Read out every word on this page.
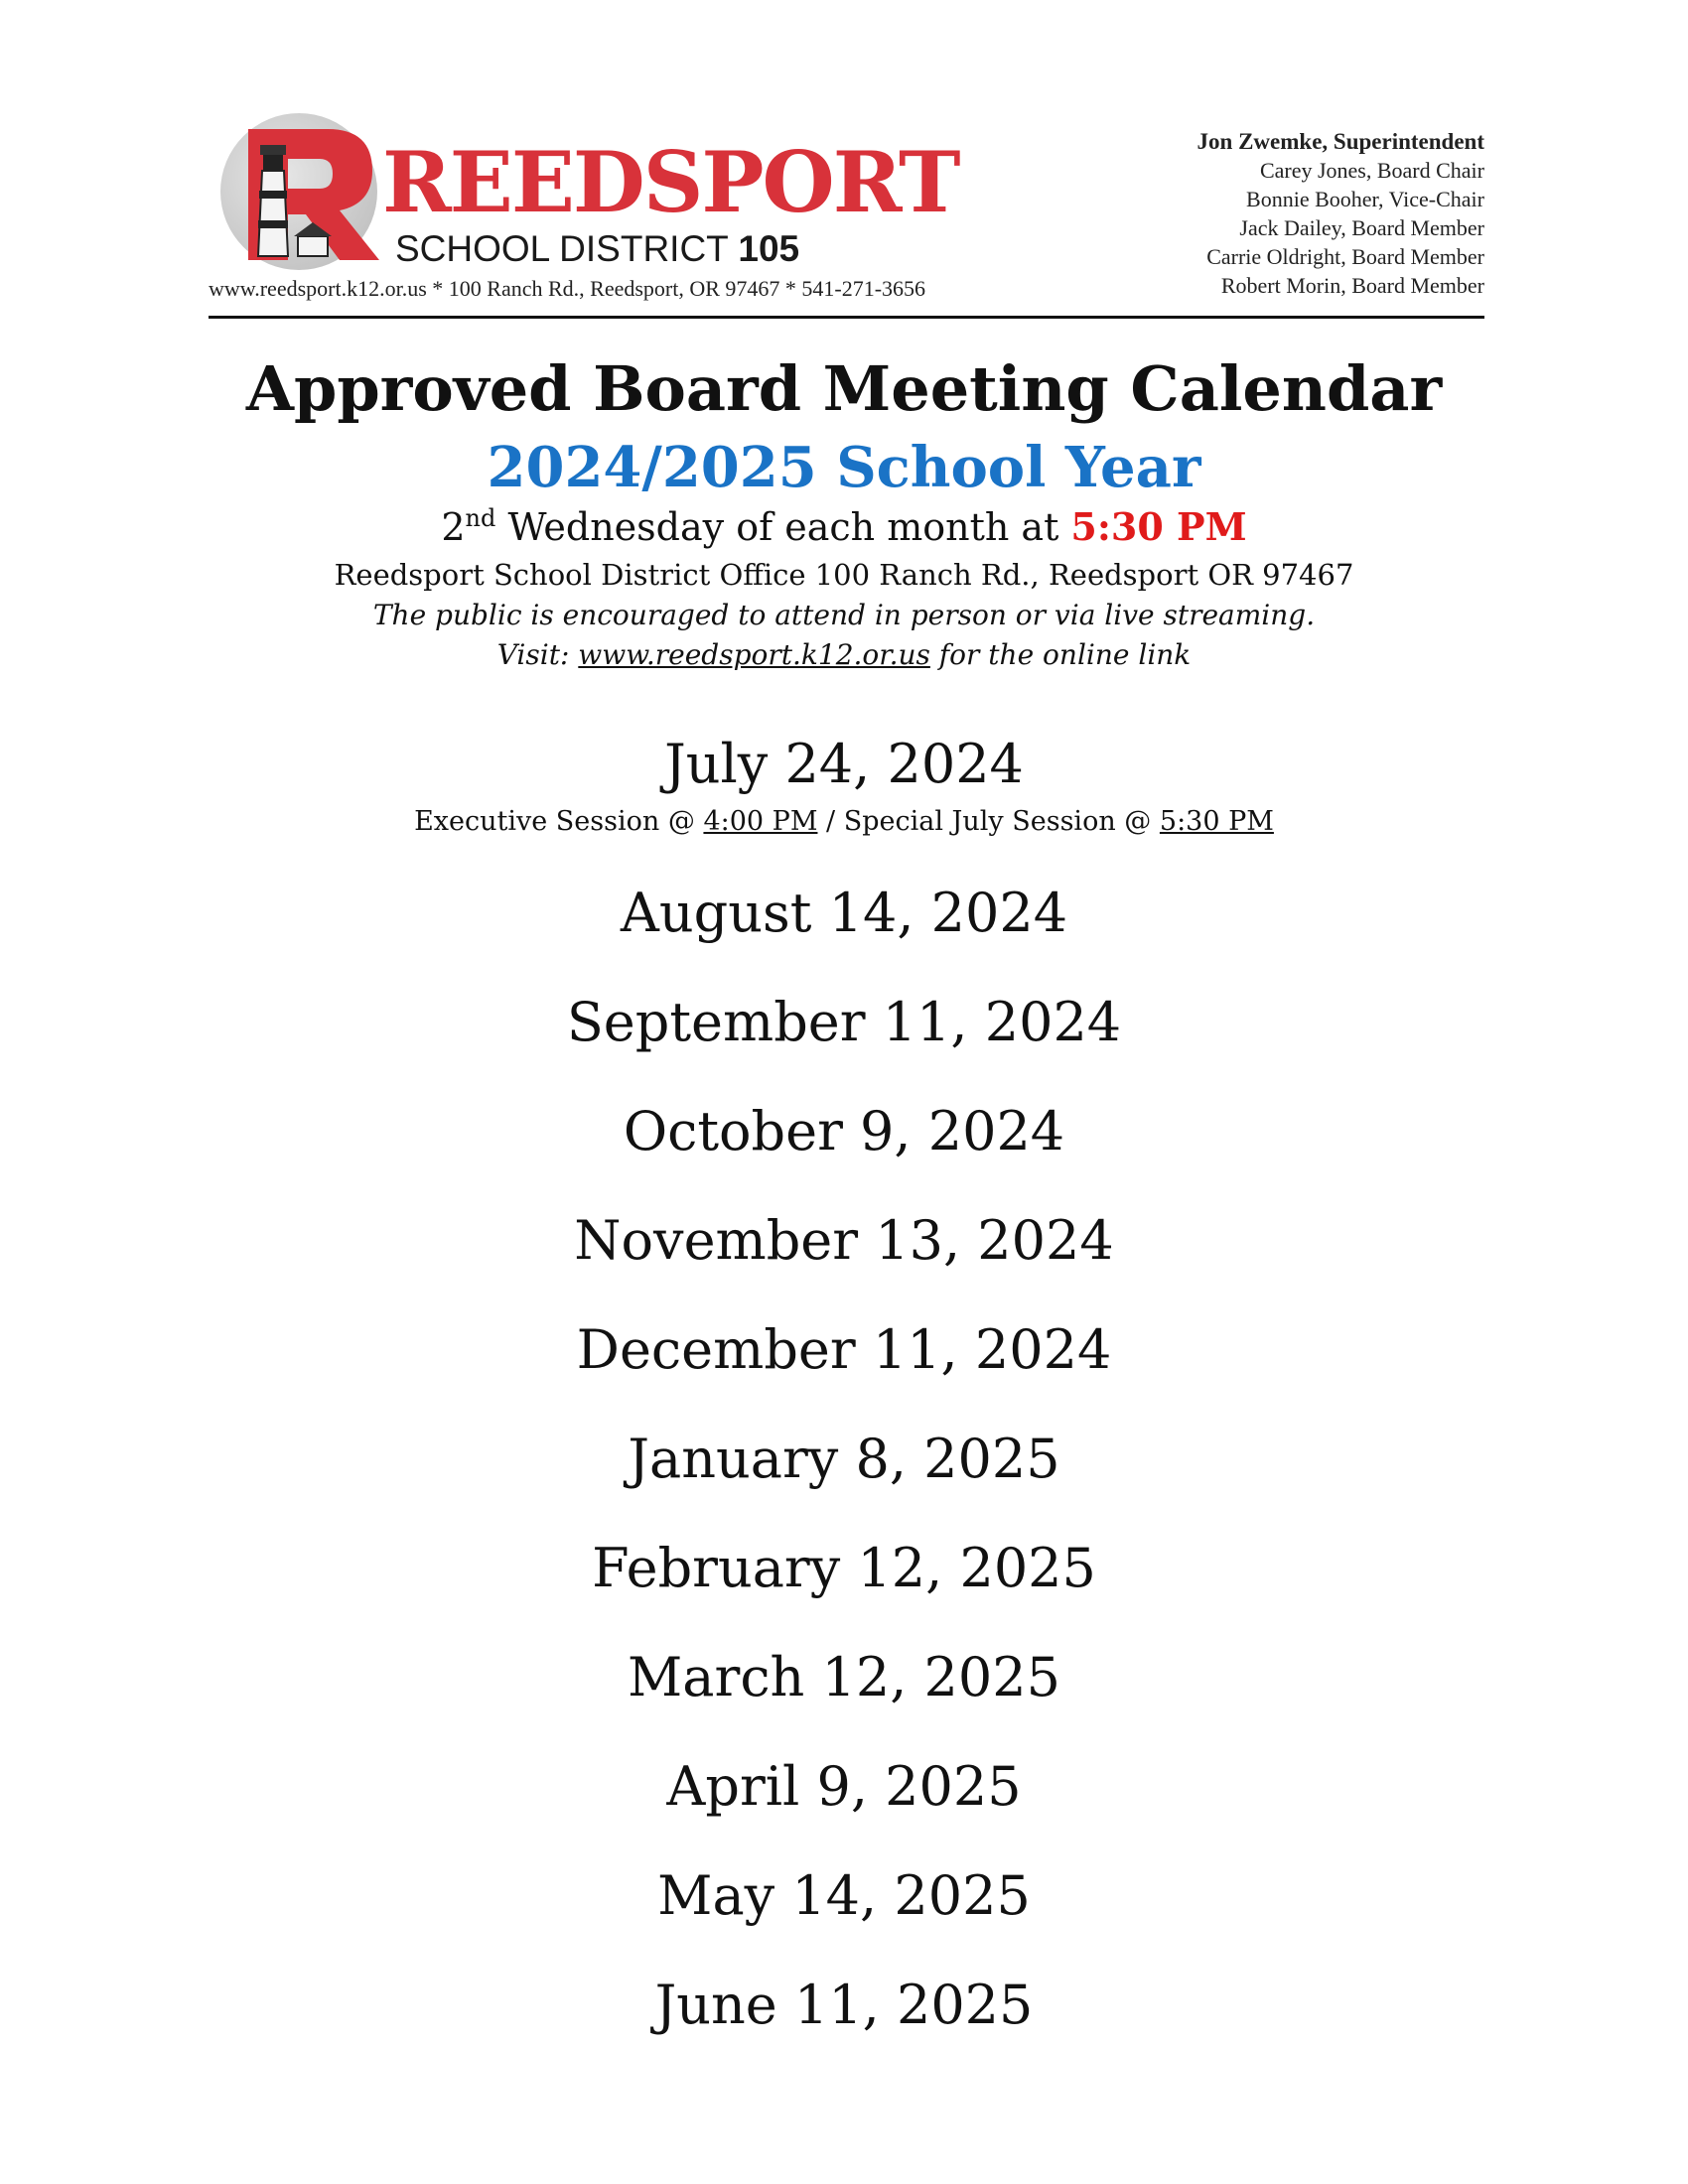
REEDSPORT
SCHOOL DISTRICT 105
www.reedsport.k12.or.us * 100 Ranch Rd., Reedsport, OR 97467 * 541-271-3656
Jon Zwemke, Superintendent
Carey Jones, Board Chair
Bonnie Booher, Vice-Chair
Jack Dailey, Board Member
Carrie Oldright, Board Member
Robert Morin, Board Member
Approved Board Meeting Calendar
2024/2025 School Year
2nd Wednesday of each month at 5:30 PM
Reedsport School District Office 100 Ranch Rd., Reedsport OR 97467
The public is encouraged to attend in person or via live streaming.
Visit: www.reedsport.k12.or.us for the online link
July 24, 2024
Executive Session @ 4:00 PM / Special July Session @ 5:30 PM
August 14, 2024
September 11, 2024
October 9, 2024
November 13, 2024
December 11, 2024
January 8, 2025
February 12, 2025
March 12, 2025
April 9, 2025
May 14, 2025
June 11, 2025
